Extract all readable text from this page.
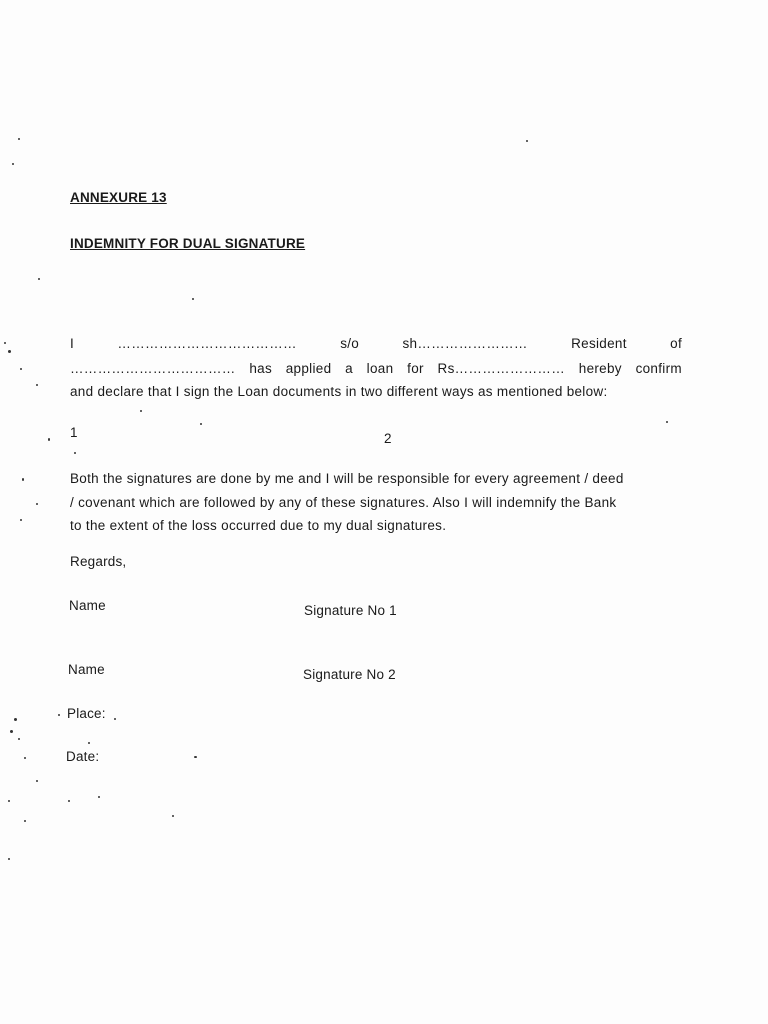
ANNEXURE 13
INDEMNITY FOR DUAL SIGNATURE
I	…………………………………	s/o	sh……………………	Resident	of
……………………………… has applied a loan for Rs…………………… hereby confirm
and declare that I sign the Loan documents in two different ways as mentioned below:
1	2
Both the signatures are done by me and I will be responsible for every agreement / deed
/ covenant which are followed by any of these signatures. Also I will indemnify the Bank
to the extent of the loss occurred due to my dual signatures.
Regards,
Name	Signature No 1
Name	Signature No 2
Place:
Date:
